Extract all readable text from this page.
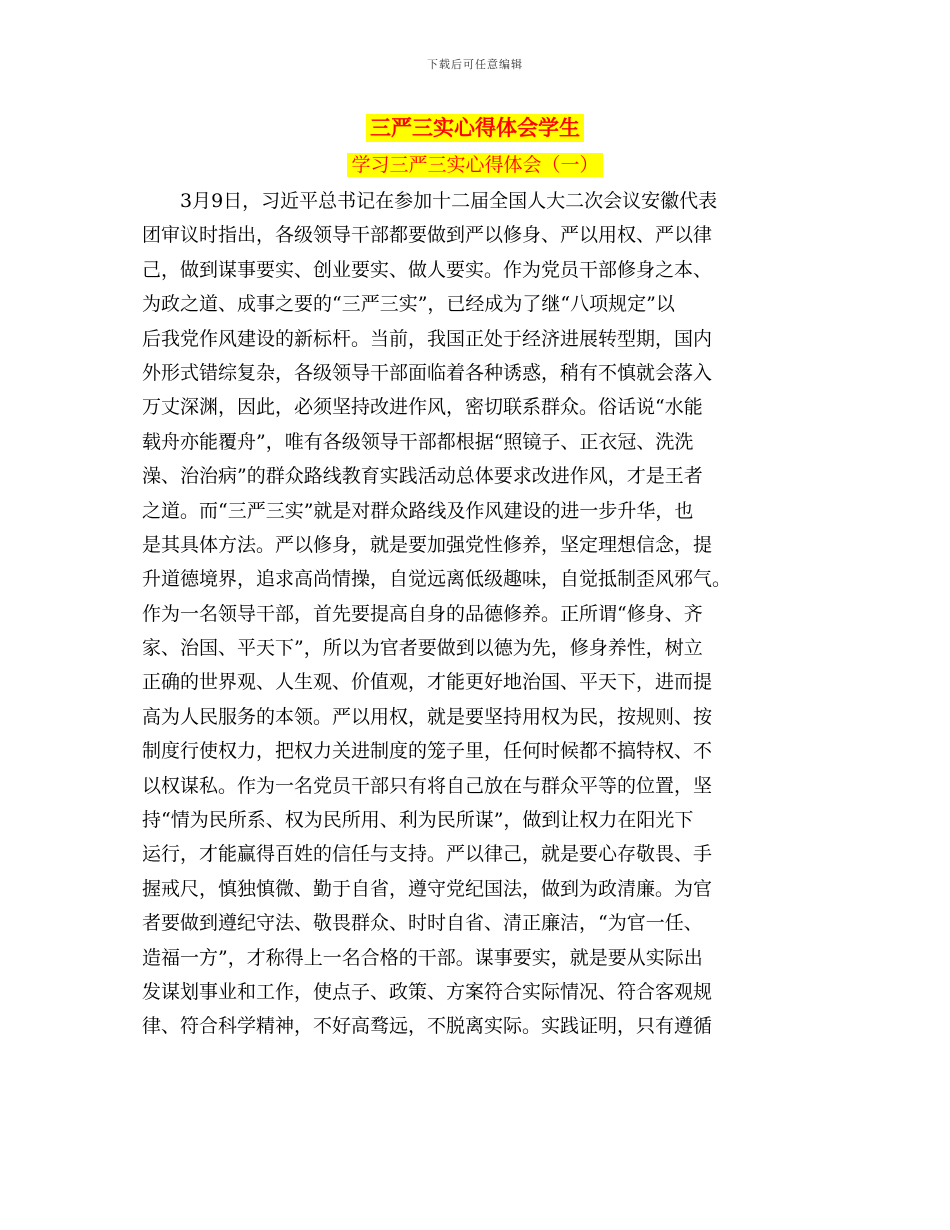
下载后可任意编辑
三严三实心得体会学生
学习三严三实心得体会（一）
　　3月9日，习近平总书记在参加十二届全国人大二次会议安徽代表
团审议时指出，各级领导干部都要做到严以修身、严以用权、严以律
己，做到谋事要实、创业要实、做人要实。作为党员干部修身之本、
为政之道、成事之要的“三严三实”，已经成为了继“八项规定”以
后我党作风建设的新标杆。当前，我国正处于经济进展转型期，国内
外形式错综复杂，各级领导干部面临着各种诱惑，稍有不慎就会落入
万丈深渊，因此，必须坚持改进作风，密切联系群众。俗话说“水能
载舟亦能覆舟”，唯有各级领导干部都根据“照镜子、正衣冠、洗洗
澡、治治病”的群众路线教育实践活动总体要求改进作风，才是王者
之道。而“三严三实”就是对群众路线及作风建设的进一步升华，也
是其具体方法。严以修身，就是要加强党性修养，坚定理想信念，提
升道德境界，追求高尚情操，自觉远离低级趣味，自觉抵制歪风邪气。
作为一名领导干部，首先要提高自身的品德修养。正所谓“修身、齐
家、治国、平天下”，所以为官者要做到以德为先，修身养性，树立
正确的世界观、人生观、价值观，才能更好地治国、平天下，进而提
高为人民服务的本领。严以用权，就是要坚持用权为民，按规则、按
制度行使权力，把权力关进制度的笼子里，任何时候都不搞特权、不
以权谋私。作为一名党员干部只有将自己放在与群众平等的位置，坚
持“情为民所系、权为民所用、利为民所谋”，做到让权力在阳光下
运行，才能赢得百姓的信任与支持。严以律己，就是要心存敬畏、手
握戒尺，慎独慎微、勤于自省，遵守党纪国法，做到为政清廉。为官
者要做到遵纪守法、敬畏群众、时时自省、清正廉洁，“为官一任、
造福一方”，才称得上一名合格的干部。谋事要实，就是要从实际出
发谋划事业和工作，使点子、政策、方案符合实际情况、符合客观规
律、符合科学精神，不好高骛远，不脱离实际。实践证明，只有遵循
